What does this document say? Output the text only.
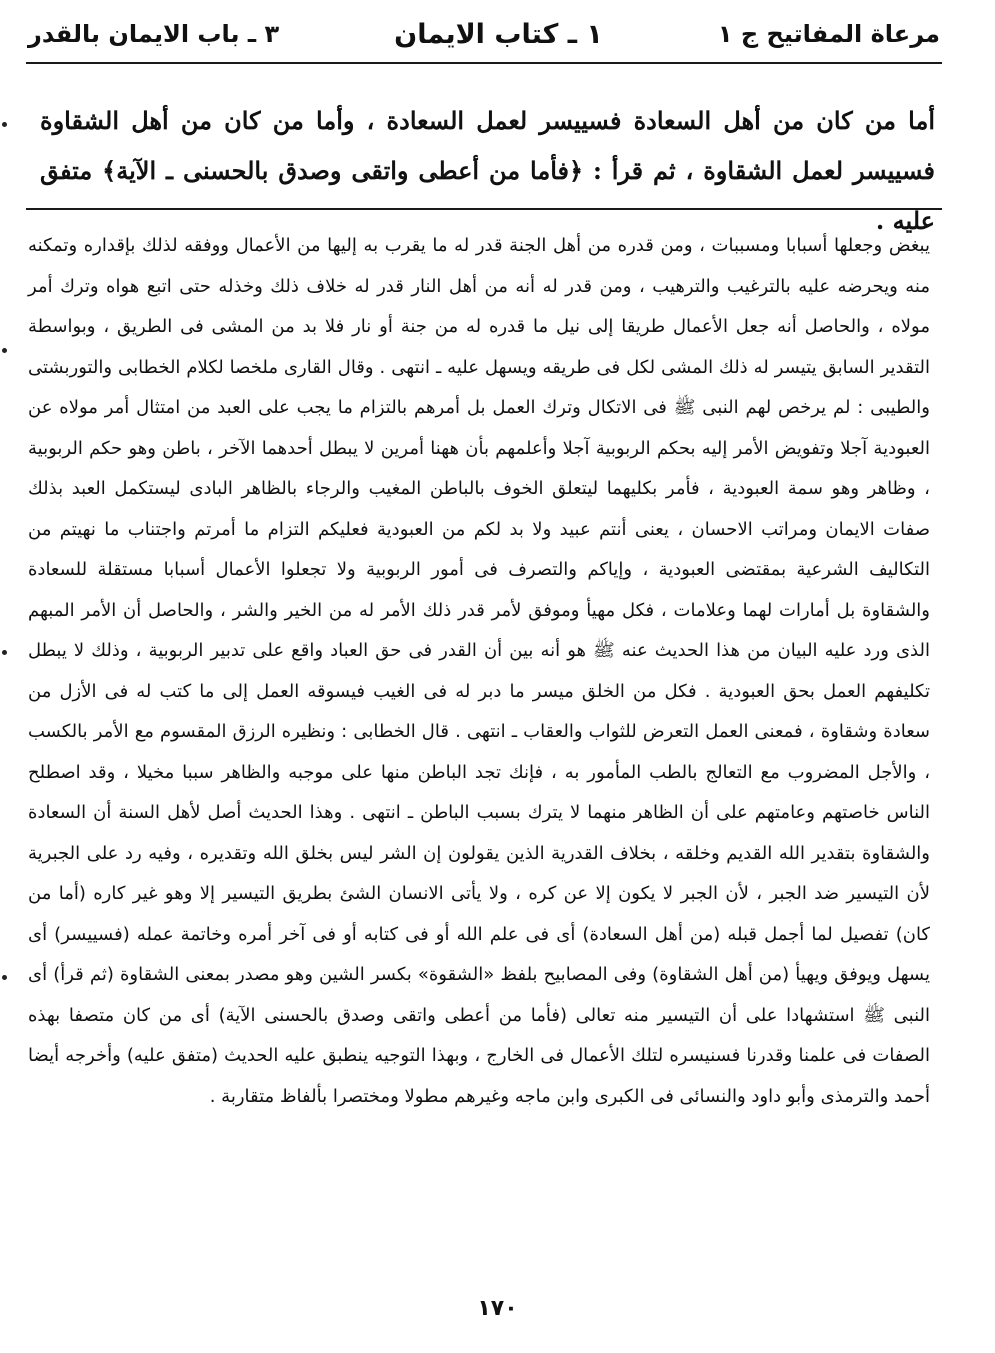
مرعاة المفاتيح ج ١
١ ـ كتاب الايمان
٣ ـ باب الايمان بالقدر
أما من كان من أهل السعادة فسييسر لعمل السعادة ، وأما من كان من أهل الشقاوة فسييسر لعمل الشقاوة ، ثم قرأ : ﴿فأما من أعطى واتقى وصدق بالحسنى ـ الآية﴾ متفق عليه .

يبغض وجعلها أسبابا ومسببات ، ومن قدره من أهل الجنة قدر له ما يقرب به إليها من الأعمال ووفقه لذلك بإقداره وتمكنه منه ويحرضه عليه بالترغيب والترهيب ، ومن قدر له أنه من أهل النار قدر له خلاف ذلك وخذله حتى اتبع هواه وترك أمر مولاه ، والحاصل أنه جعل الأعمال طريقا إلى نيل ما قدره له من جنة أو نار فلا بد من المشى فى الطريق ، وبواسطة التقدير السابق يتيسر له ذلك المشى لكل فى طريقه ويسهل عليه ـ انتهى . وقال القارى ملخصا لكلام الخطابى والتوربشتى والطيبى : لم يرخص لهم النبى ﷺ فى الاتكال وترك العمل بل أمرهم بالتزام ما يجب على العبد من امتثال أمر مولاه عن العبودية آجلا وتفويض الأمر إليه بحكم الربوبية آجلا وأعلمهم بأن ههنا أمرين لا يبطل أحدهما الآخر ، باطن وهو حكم الربوبية ، وظاهر وهو سمة العبودية ، فأمر بكليهما ليتعلق الخوف بالباطن المغيب والرجاء بالظاهر البادى ليستكمل العبد بذلك صفات الايمان ومراتب الاحسان ، يعنى أنتم عبيد ولا بد لكم من العبودية فعليكم التزام ما أمرتم واجتناب ما نهيتم من التكاليف الشرعية بمقتضى العبودية ، وإياكم والتصرف فى أمور الربوبية ولا تجعلوا الأعمال أسبابا مستقلة للسعادة والشقاوة بل أمارات لهما وعلامات ، فكل مهيأ وموفق لأمر قدر ذلك الأمر له من الخير والشر ، والحاصل أن الأمر المبهم الذى ورد عليه البيان من هذا الحديث عنه ﷺ هو أنه بين أن القدر فى حق العباد واقع على تدبير الربوبية ، وذلك لا يبطل تكليفهم العمل بحق العبودية . فكل من الخلق ميسر ما دبر له فى الغيب فيسوقه العمل إلى ما كتب له فى الأزل من سعادة وشقاوة ، فمعنى العمل التعرض للثواب والعقاب ـ انتهى . قال الخطابى : ونظيره الرزق المقسوم مع الأمر بالكسب ، والأجل المضروب مع التعالج بالطب المأمور به ، فإنك تجد الباطن منها على موجبه والظاهر سببا مخيلا ، وقد اصطلح الناس خاصتهم وعامتهم على أن الظاهر منهما لا يترك بسبب الباطن ـ انتهى . وهذا الحديث أصل لأهل السنة أن السعادة والشقاوة بتقدير الله القديم وخلقه ، بخلاف القدرية الذين يقولون إن الشر ليس بخلق الله وتقديره ، وفيه رد على الجبرية لأن التيسير ضد الجبر ، لأن الجبر لا يكون إلا عن كره ، ولا يأتى الانسان الشئ بطريق التيسير إلا وهو غير كاره (أما من كان) تفصيل لما أجمل قبله (من أهل السعادة) أى فى علم الله أو فى كتابه أو فى آخر أمره وخاتمة عمله (فسييسر) أى يسهل ويوفق ويهيأ (من أهل الشقاوة) وفى المصابيح بلفظ «الشقوة» بكسر الشين وهو مصدر بمعنى الشقاوة (ثم قرأ) أى النبى ﷺ استشهادا على أن التيسير منه تعالى (فأما من أعطى واتقى وصدق بالحسنى الآية) أى من كان متصفا بهذه الصفات فى علمنا وقدرنا فسنيسره لتلك الأعمال فى الخارج ، وبهذا التوجيه ينطبق عليه الحديث (متفق عليه) وأخرجه أيضا أحمد والترمذى وأبو داود والنسائى فى الكبرى وابن ماجه وغيرهم مطولا ومختصرا بألفاظ متقاربة .

١٧٠
